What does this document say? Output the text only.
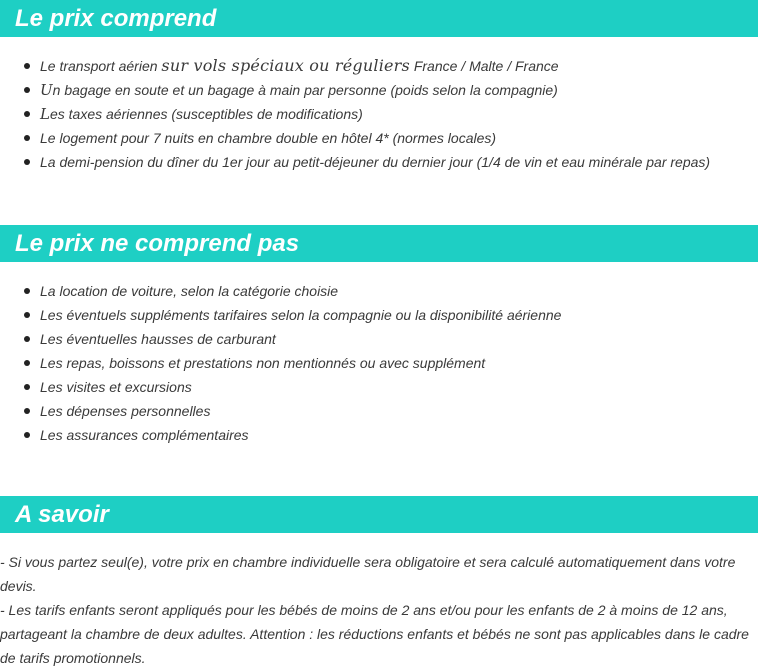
Le prix comprend
Le transport aérien sur vols spéciaux ou réguliers France / Malte / France
Un bagage en soute et un bagage à main par personne (poids selon la compagnie)
Les taxes aériennes (susceptibles de modifications)
Le logement pour 7 nuits en chambre double en hôtel 4* (normes locales)
La demi-pension du dîner du 1er jour au petit-déjeuner du dernier jour (1/4 de vin et eau minérale par repas)
Le prix ne comprend pas
La location de voiture, selon la catégorie choisie
Les éventuels suppléments tarifaires selon la compagnie ou la disponibilité aérienne
Les éventuelles hausses de carburant
Les repas, boissons et prestations non mentionnés ou avec supplément
Les visites et excursions
Les dépenses personnelles
Les assurances complémentaires
A savoir

- Si vous partez seul(e), votre prix en chambre individuelle sera obligatoire et sera calculé automatiquement dans votre

devis.

- Les tarifs enfants seront appliqués pour les bébés de moins de 2 ans et/ou pour les enfants de 2 à moins de 12 ans,

partageant la chambre de deux adultes. Attention : les réductions enfants et bébés ne sont pas applicables dans le cadre

de tarifs promotionnels.
